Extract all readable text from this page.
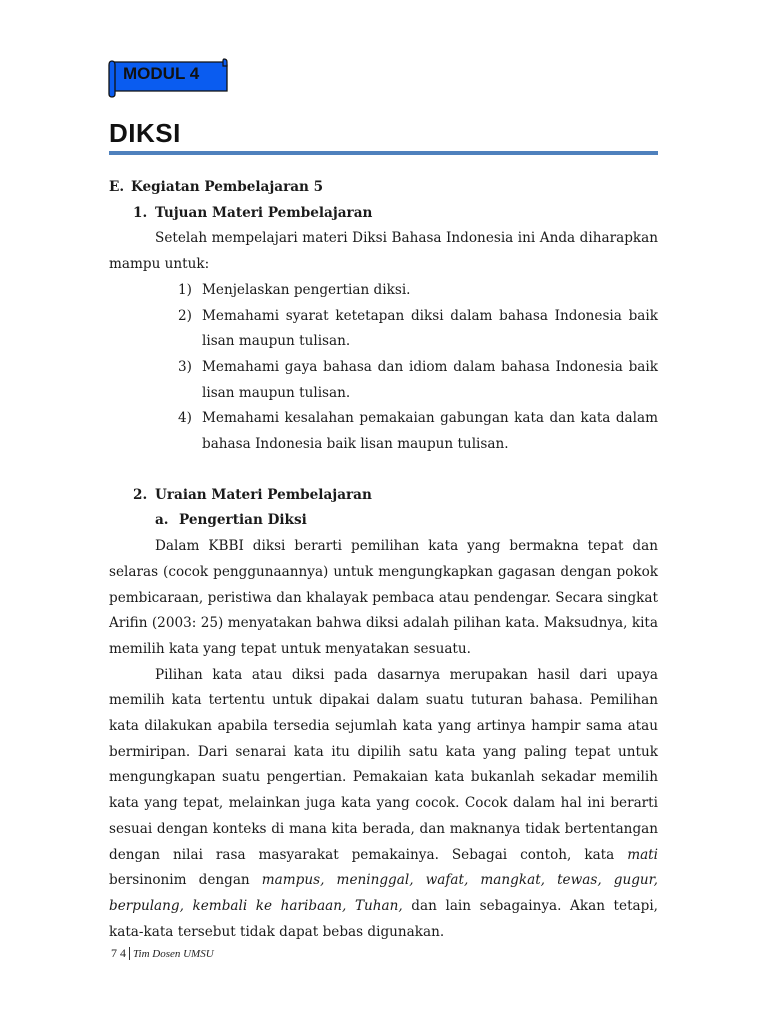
MODUL 4
DIKSI

E. Kegiatan Pembelajaran 5

1. Tujuan Materi Pembelajaran

Setelah mempelajari materi Diksi Bahasa Indonesia ini Anda diharapkan mampu untuk:

1) Menjelaskan pengertian diksi.
2) Memahami syarat ketetapan diksi dalam bahasa Indonesia baik lisan maupun tulisan.
3) Memahami gaya bahasa dan idiom dalam bahasa Indonesia baik lisan maupun tulisan.
4) Memahami kesalahan pemakaian gabungan kata dan kata dalam bahasa Indonesia baik lisan maupun tulisan.

2. Uraian Materi Pembelajaran

a. Pengertian Diksi

Dalam KBBI diksi berarti pemilihan kata yang bermakna tepat dan selaras (cocok penggunaannya) untuk mengungkapkan gagasan dengan pokok pembicaraan, peristiwa dan khalayak pembaca atau pendengar. Secara singkat Arifin (2003: 25) menyatakan bahwa diksi adalah pilihan kata. Maksudnya, kita memilih kata yang tepat untuk menyatakan sesuatu.

Pilihan kata atau diksi pada dasarnya merupakan hasil dari upaya memilih kata tertentu untuk dipakai dalam suatu tuturan bahasa. Pemilihan kata dilakukan apabila tersedia sejumlah kata yang artinya hampir sama atau bermiripan. Dari senarai kata itu dipilih satu kata yang paling tepat untuk mengungkapan suatu pengertian. Pemakaian kata bukanlah sekadar memilih kata yang tepat, melainkan juga kata yang cocok. Cocok dalam hal ini berarti sesuai dengan konteks di mana kita berada, dan maknanya tidak bertentangan dengan nilai rasa masyarakat pemakainya. Sebagai contoh, kata mati bersinonim dengan mampus, meninggal, wafat, mangkat, tewas, gugur, berpulang, kembali ke haribaan, Tuhan, dan lain sebagainya. Akan tetapi, kata-kata tersebut tidak dapat bebas digunakan.

7 4 Tim Dosen UMSU
